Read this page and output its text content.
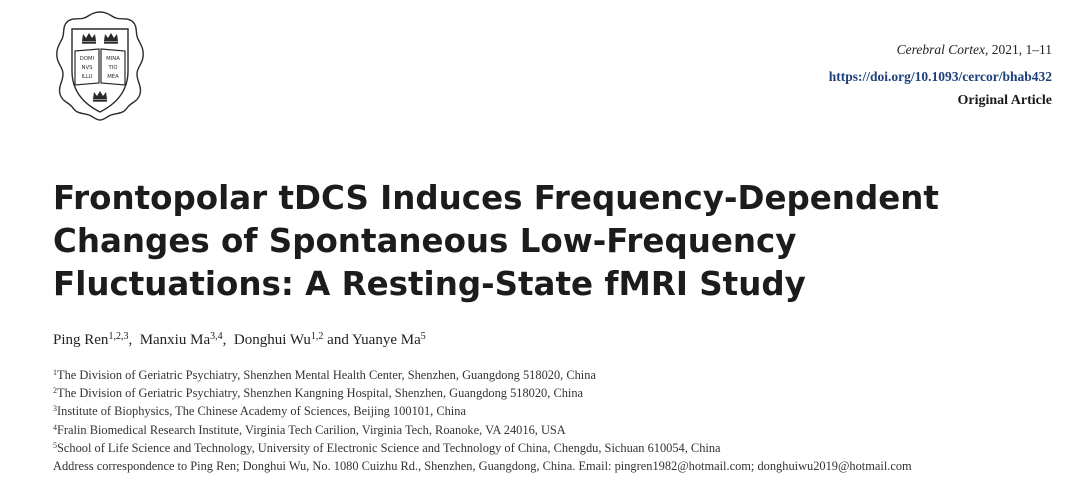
DOMI
NVS
ILLU
MINA
TIO
MEA
Cerebral Cortex, 2021, 1–11
https://doi.org/10.1093/cercor/bhab432
Original Article
Frontopolar tDCS Induces Frequency-Dependent
Changes of Spontaneous Low-Frequency
Fluctuations: A Resting-State fMRI Study
Ping Ren$^{1,2,3}$,  Manxiu Ma$^{3,4}$,  Donghui Wu$^{1,2}$ and Yuanye Ma$^5$
$^1$The Division of Geriatric Psychiatry, Shenzhen Mental Health Center, Shenzhen, Guangdong 518020, China
$^2$The Division of Geriatric Psychiatry, Shenzhen Kangning Hospital, Shenzhen, Guangdong 518020, China
$^3$Institute of Biophysics, The Chinese Academy of Sciences, Beijing 100101, China
$^4$Fralin Biomedical Research Institute, Virginia Tech Carilion, Virginia Tech, Roanoke, VA 24016, USA
$^5$School of Life Science and Technology, University of Electronic Science and Technology of China, Chengdu, Sichuan 610054, China
Address correspondence to Ping Ren; Donghui Wu, No. 1080 Cuizhu Rd., Shenzhen, Guangdong, China. Email: pingren1982@hotmail.com; donghuiwu2019@hotmail.com
